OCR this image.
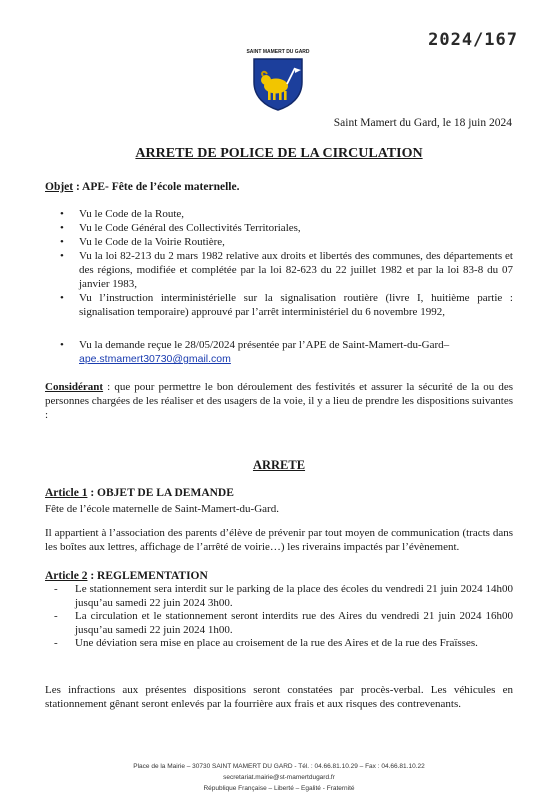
2024/167
SAINT MAMERT DU GARD
Saint Mamert du Gard, le 18 juin 2024
ARRETE DE POLICE DE LA CIRCULATION
Objet : APE- Fête de l’école maternelle.
• Vu le Code de la Route,
• Vu le Code Général des Collectivités Territoriales,
• Vu le Code de la Voirie Routière,
• Vu la loi 82-213 du 2 mars 1982 relative aux droits et libertés des communes, des départements et des régions, modifiée et complétée par la loi 82-623 du 22 juillet 1982 et par la loi 83-8 du 07 janvier 1983,
• Vu l’instruction interministérielle sur la signalisation routière (livre I, huitième partie : signalisation temporaire) approuvé par l’arrêt interministériel du 6 novembre 1992,
• Vu la demande reçue le 28/05/2024 présentée par l’APE de Saint-Mamert-du-Gard–
ape.stmamert30730@gmail.com
Considérant : que pour permettre le bon déroulement des festivités et assurer la sécurité de la ou des personnes chargées de les réaliser et des usagers de la voie, il y a lieu de prendre les dispositions suivantes :
ARRETE
Article 1 : OBJET DE LA DEMANDE
Fête de l’école maternelle de Saint-Mamert-du-Gard.
Il appartient à l’association des parents d’élève de prévenir par tout moyen de communication (tracts dans les boîtes aux lettres, affichage de l’arrêté de voirie…) les riverains impactés par l’évènement.
Article 2 : REGLEMENTATION
- Le stationnement sera interdit sur le parking de la place des écoles du vendredi 21 juin 2024 14h00 jusqu’au samedi 22 juin 2024 3h00.
- La circulation et le stationnement seront interdits rue des Aires du vendredi 21 juin 2024 16h00 jusqu’au samedi 22 juin 2024 1h00.
- Une déviation sera mise en place au croisement de la rue des Aires et de la rue des Fraïsses.
Les infractions aux présentes dispositions seront constatées par procès-verbal. Les véhicules en stationnement gênant seront enlevés par la fourrière aux frais et aux risques des contrevenants.
Place de la Mairie – 30730 SAINT MAMERT DU GARD - Tél. : 04.66.81.10.29 – Fax : 04.66.81.10.22
secretariat.mairie@st-mamertdugard.fr
République Française – Liberté – Egalité - Fraternité
